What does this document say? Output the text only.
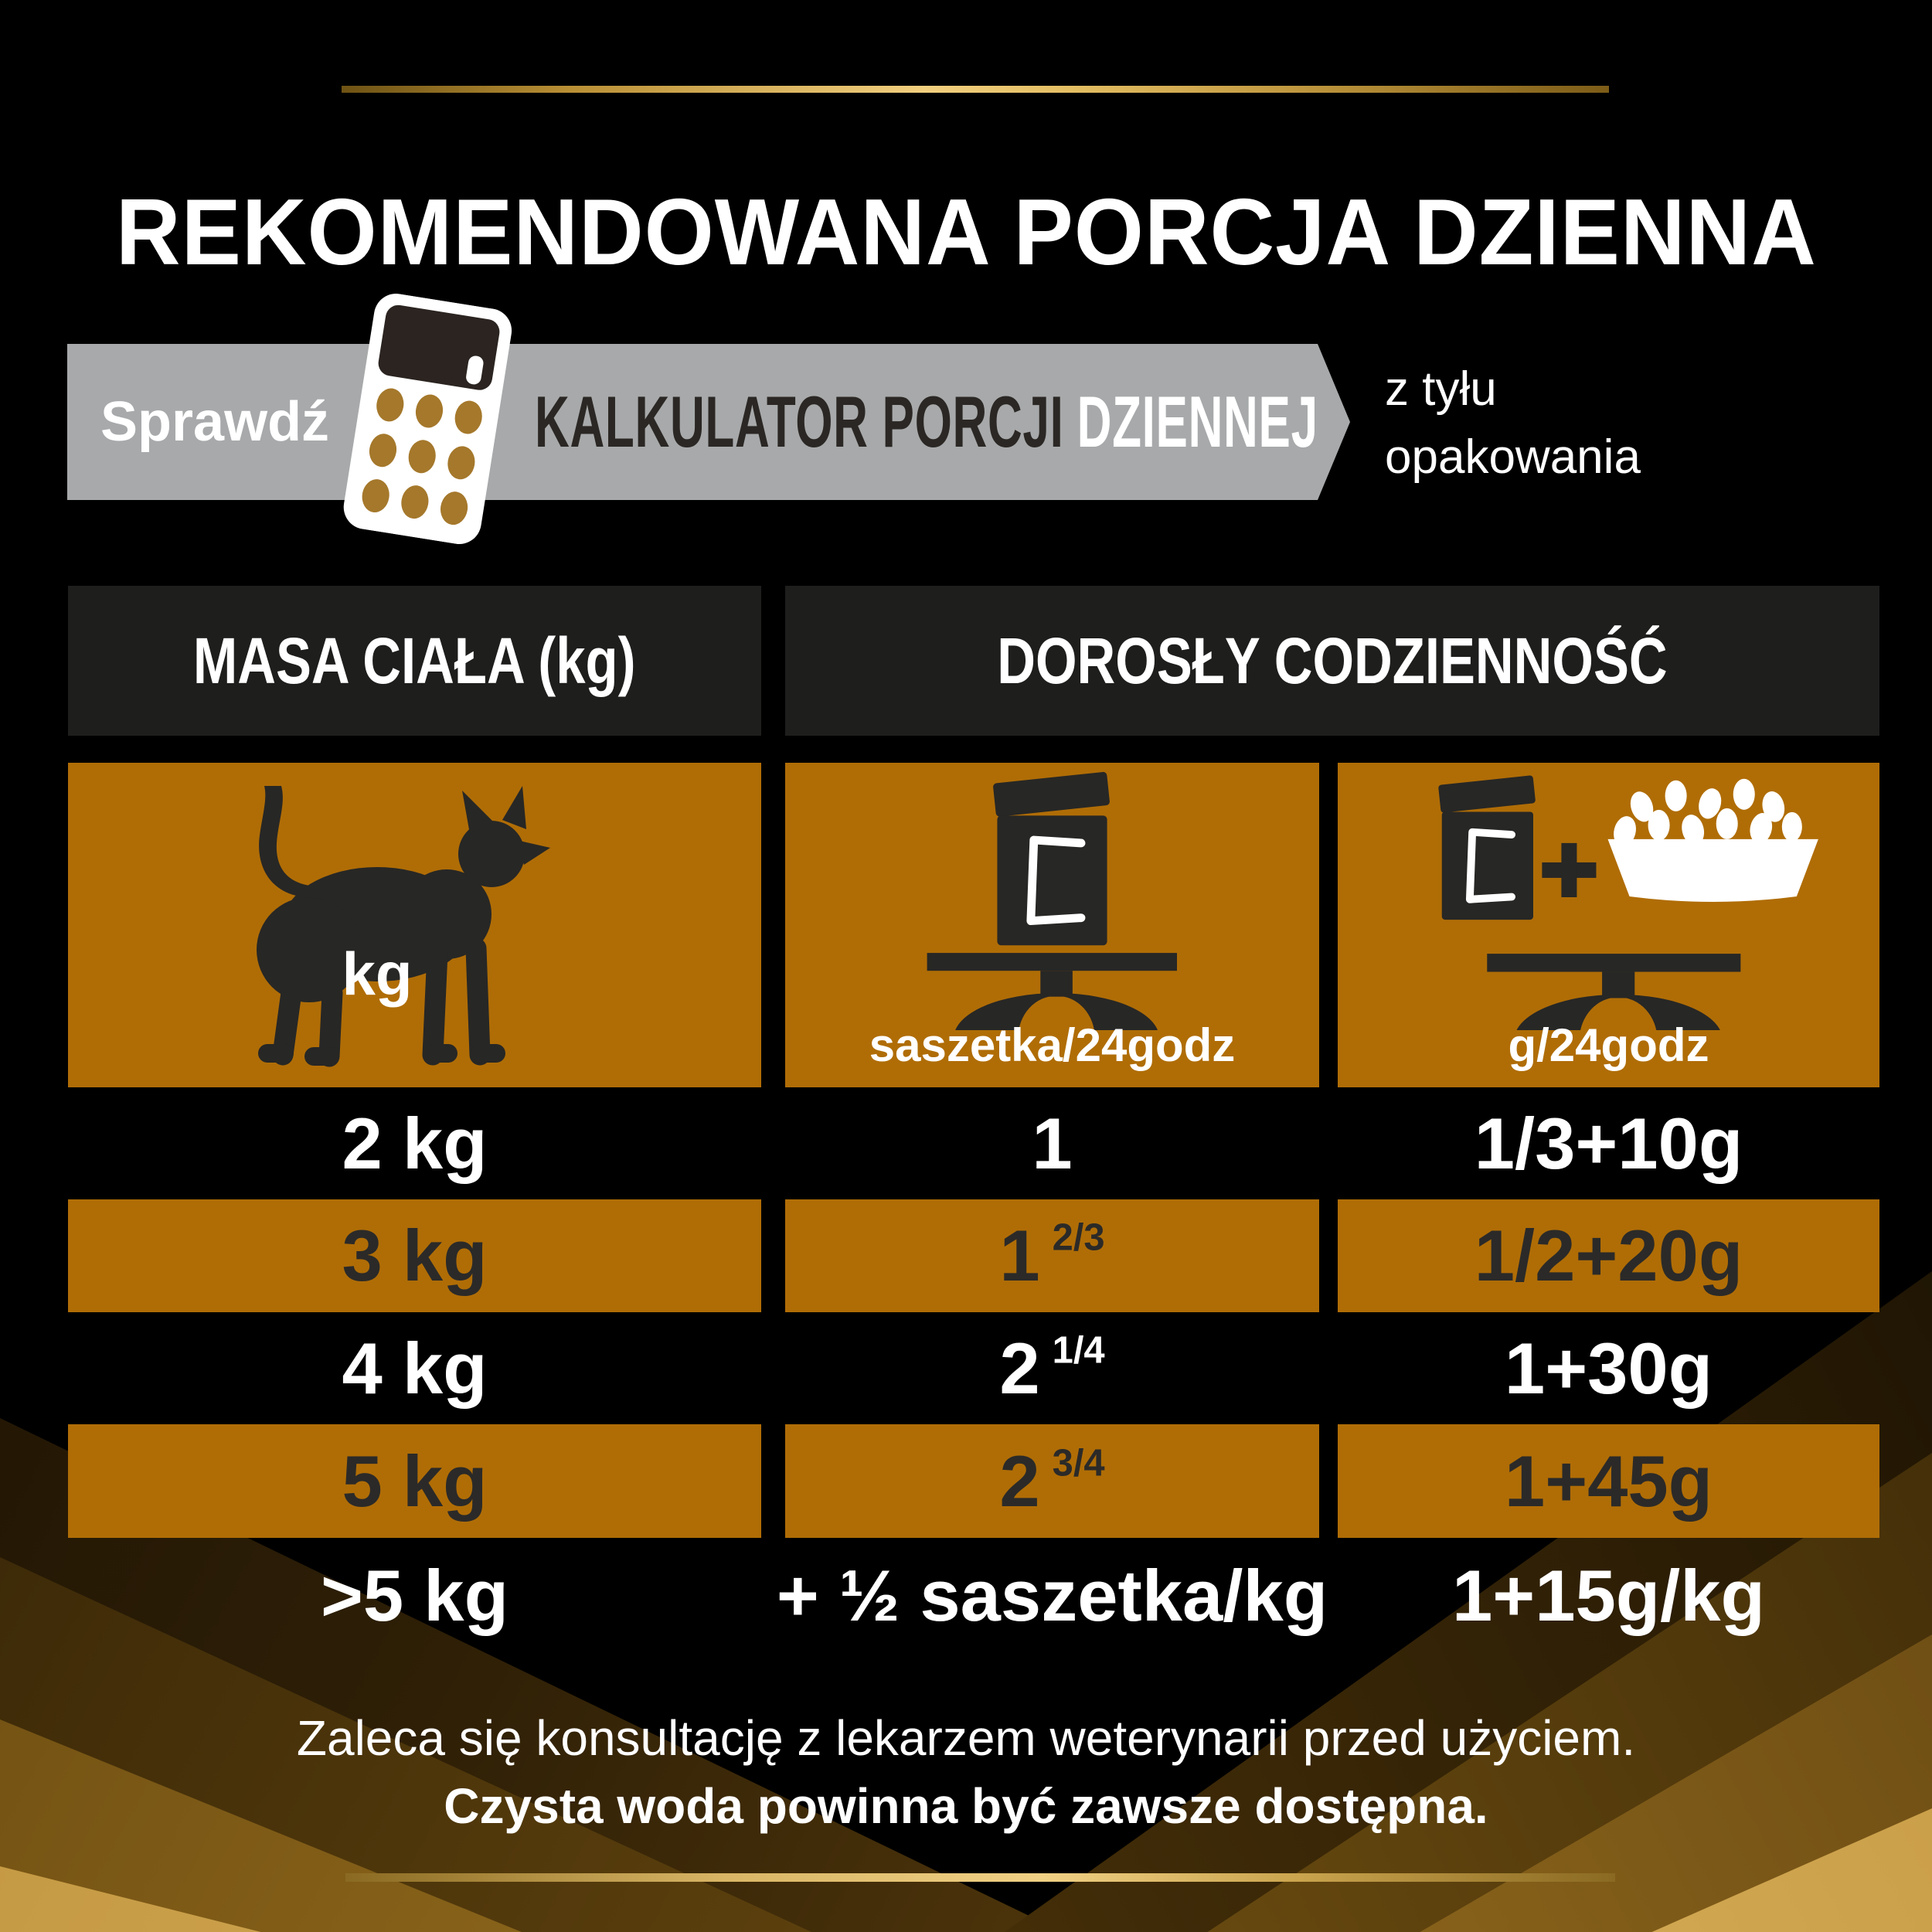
REKOMENDOWANA PORCJA DZIENNA
Sprawdź	KALKULATOR PORCJI DZIENNEJ z tyłu
opakowania
MASA CIAŁA (kg)	DOROSŁY CODZIENNOŚĆ
kg
saszetka/24godz	g/24godz
2 kg	1	1/3+10g
3 kg	1 2/3	1/2+20g
4 kg	2 1/4	1+30g
5 kg	2 3/4	1+45g
>5 kg	+ ½ saszetka/kg	1+15g/kg
Zaleca się konsultację z lekarzem weterynarii przed użyciem.
Czysta woda powinna być zawsze dostępna.
